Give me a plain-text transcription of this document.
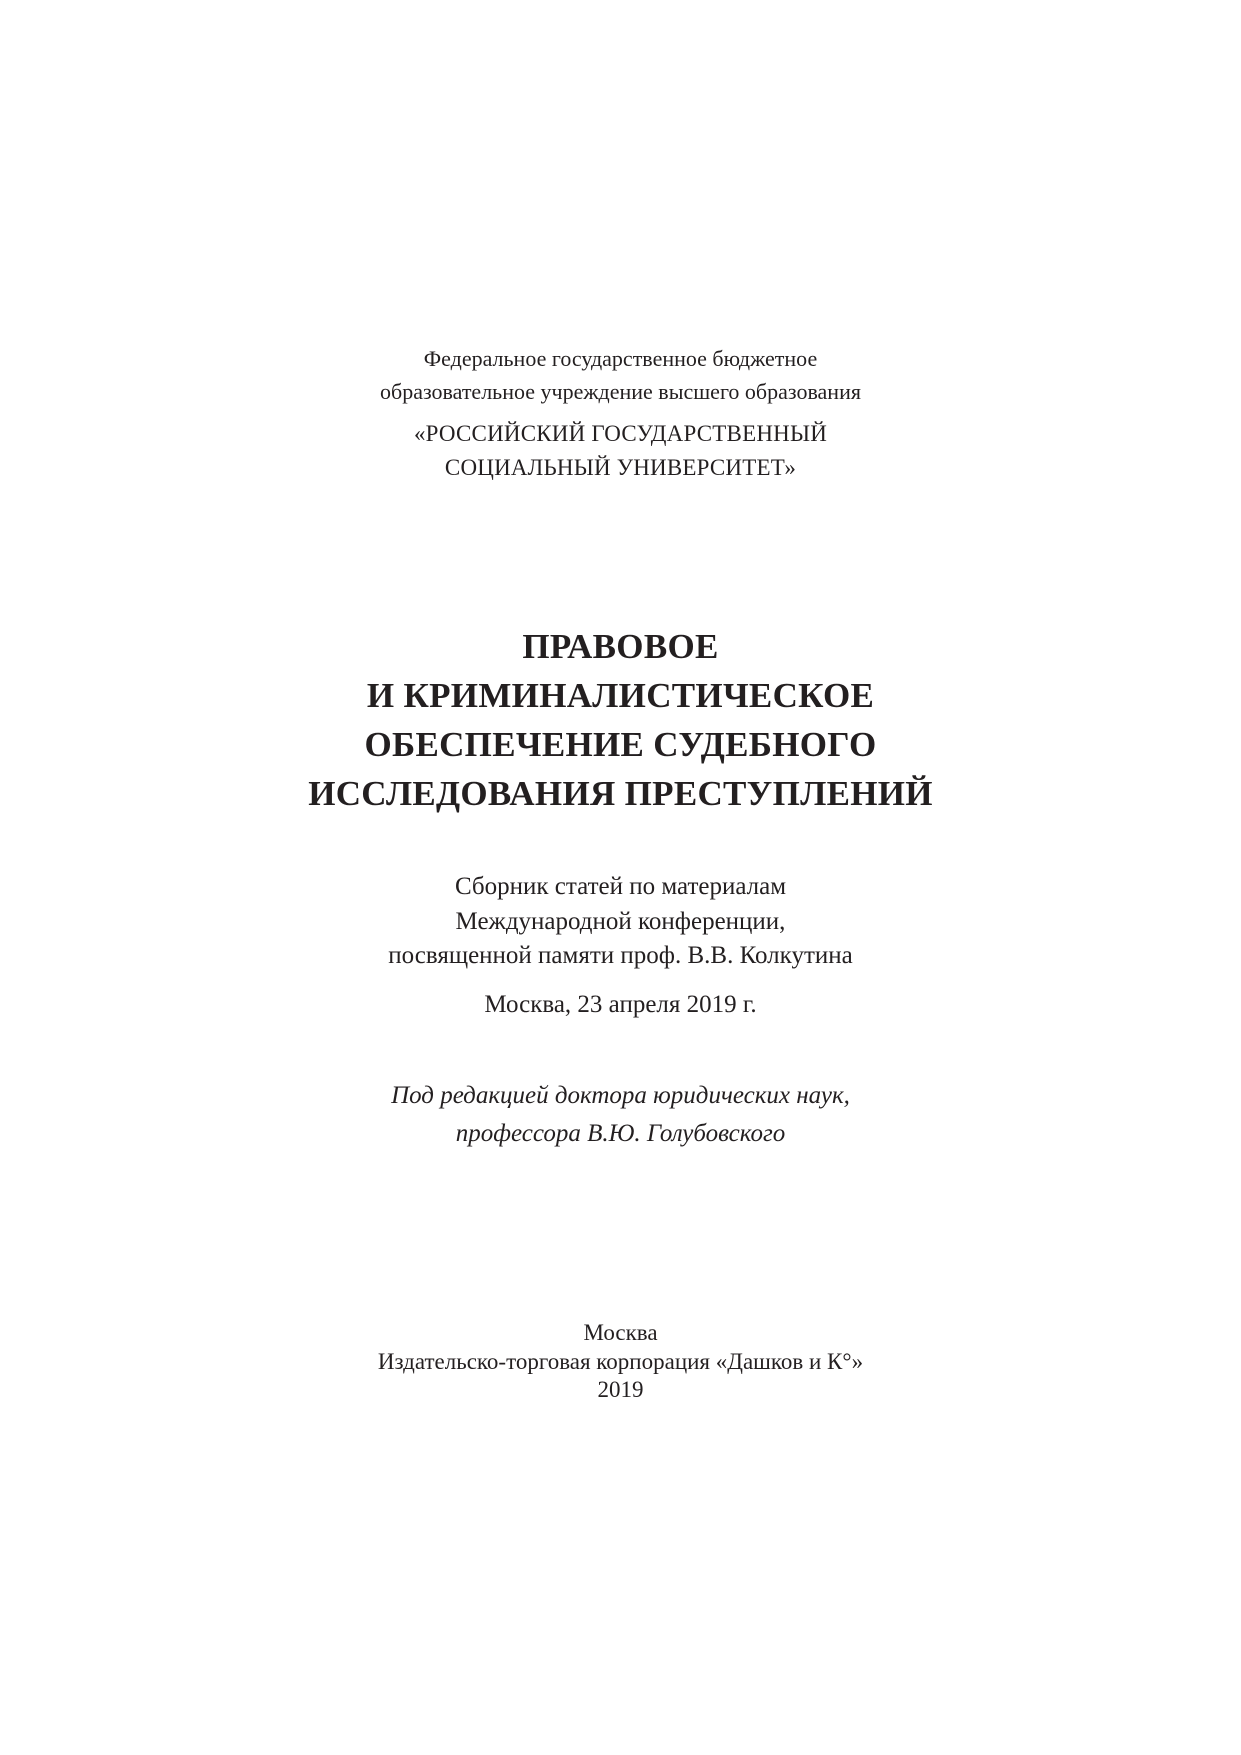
Федеральное государственное бюджетное
образовательное учреждение высшего образования
«РОССИЙСКИЙ ГОСУДАРСТВЕННЫЙ
СОЦИАЛЬНЫЙ УНИВЕРСИТЕТ»
ПРАВОВОЕ
И КРИМИНАЛИСТИЧЕСКОЕ
ОБЕСПЕЧЕНИЕ СУДЕБНОГО
ИССЛЕДОВАНИЯ ПРЕСТУПЛЕНИЙ
Сборник статей по материалам
Международной конференции,
посвященной памяти проф. В.В. Колкутина
Москва, 23 апреля 2019 г.
Под редакцией доктора юридических наук,
профессора В.Ю. Голубовского
Москва
Издательско-торговая корпорация «Дашков и К°»
2019
